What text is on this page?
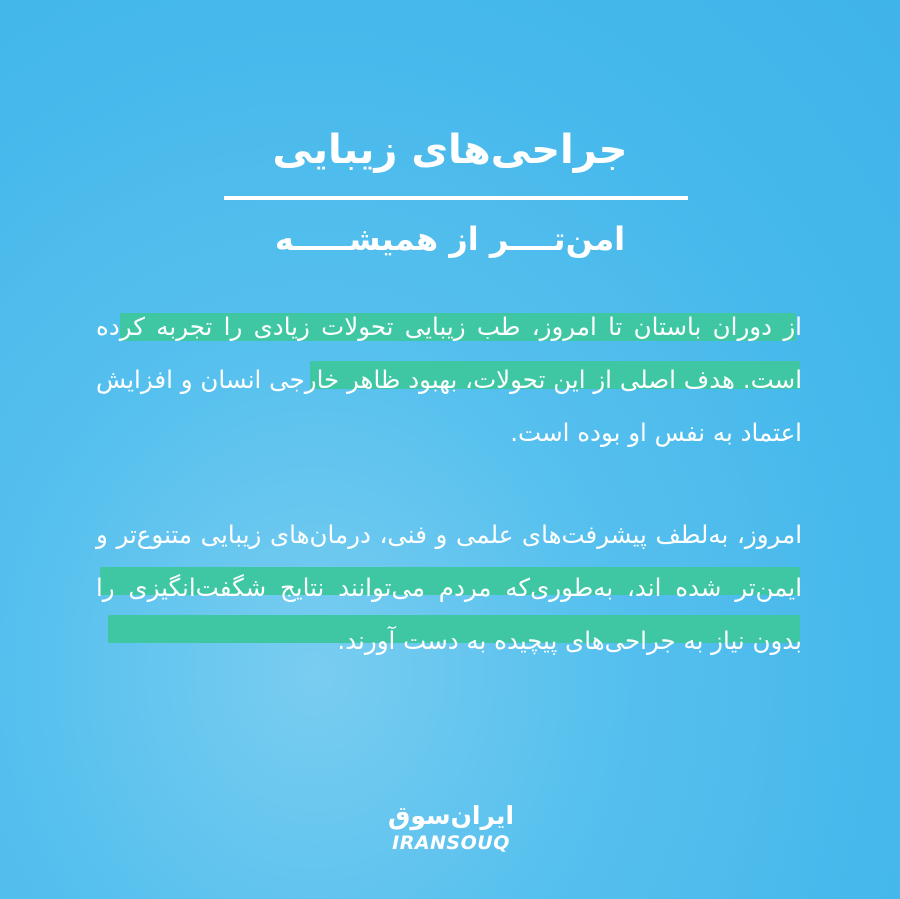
جراحی‌های زیبایی
امن‌تــــر از همیشـــــه
از دوران باستان تا امروز، طب زیبایی تحولات زیادی را تجربه کرده است. هدف اصلی از این تحولات، بهبود ظاهر خارجی انسان و افزایش اعتماد به نفس او بوده است.
امروز، به‌لطف پیشرفت‌های علمی و فنی، درمان‌های زیبایی متنوع‌تر و ایمن‌تر شده اند، به‌طوری‌که مردم می‌توانند نتایج شگفت‌انگیزی را بدون نیاز به جراحی‌های پیچیده به دست آورند.
ایران‌سوق
IRANSOUQ
